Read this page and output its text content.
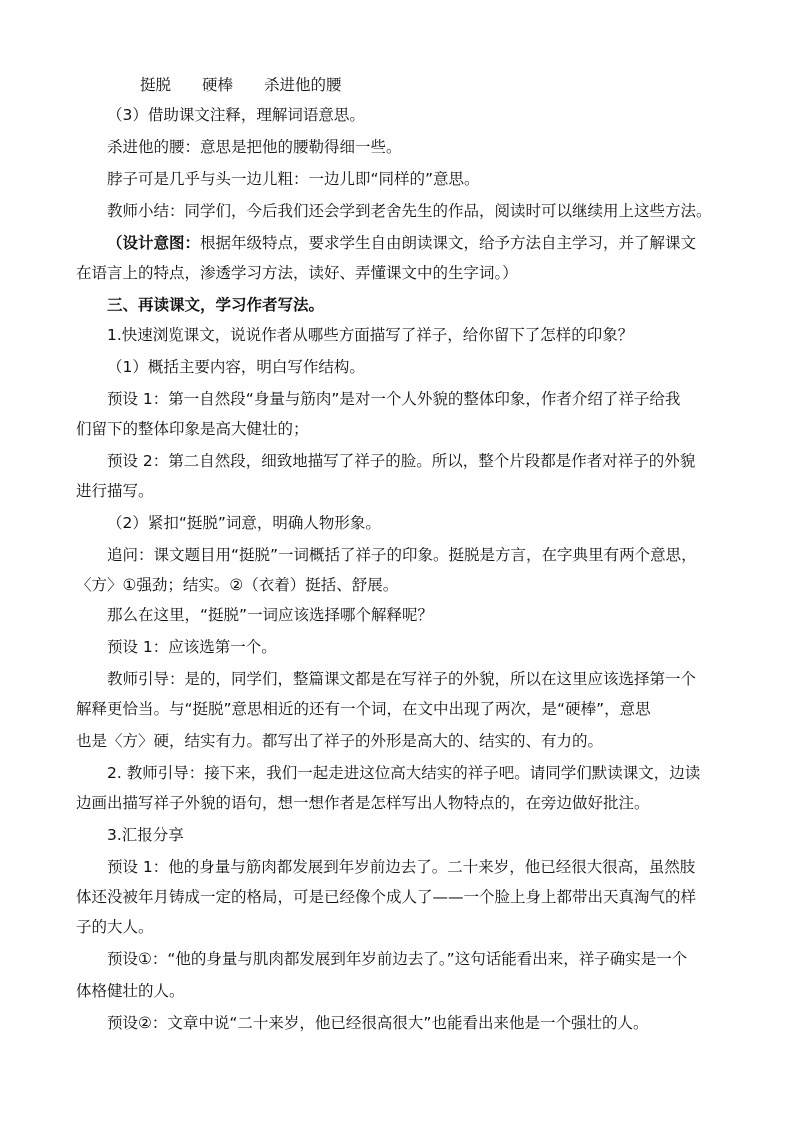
挺脱　　硬棒　　杀进他的腰
（3）借助课文注释，理解词语意思。
杀进他的腰：意思是把他的腰勒得细一些。
脖子可是几乎与头一边儿粗：一边儿即“同样的”意思。
教师小结：同学们，今后我们还会学到老舍先生的作品，阅读时可以继续用上这些方法。
（设计意图：根据年级特点，要求学生自由朗读课文，给予方法自主学习，并了解课文
在语言上的特点，渗透学习方法，读好、弄懂课文中的生字词。）
三、再读课文，学习作者写法。
1.快速浏览课文，说说作者从哪些方面描写了祥子，给你留下了怎样的印象？
（1）概括主要内容，明白写作结构。
预设 1：第一自然段“身量与筋肉”是对一个人外貌的整体印象，作者介绍了祥子给我
们留下的整体印象是高大健壮的；
预设 2：第二自然段，细致地描写了祥子的脸。所以，整个片段都是作者对祥子的外貌
进行描写。
（2）紧扣“挺脱”词意，明确人物形象。
追问：课文题目用“挺脱”一词概括了祥子的印象。挺脱是方言，在字典里有两个意思，
〈方〉①强劲；结实。②（衣着）挺括、舒展。
那么在这里，“挺脱”一词应该选择哪个解释呢？
预设 1：应该选第一个。
教师引导：是的，同学们，整篇课文都是在写祥子的外貌，所以在这里应该选择第一个
解释更恰当。与“挺脱”意思相近的还有一个词，在文中出现了两次，是“硬棒”，意思
也是〈方〉硬，结实有力。都写出了祥子的外形是高大的、结实的、有力的。
2. 教师引导：接下来，我们一起走进这位高大结实的祥子吧。请同学们默读课文，边读
边画出描写祥子外貌的语句，想一想作者是怎样写出人物特点的，在旁边做好批注。
3.汇报分享
预设 1：他的身量与筋肉都发展到年岁前边去了。二十来岁，他已经很大很高，虽然肢
体还没被年月铸成一定的格局，可是已经像个成人了——一个脸上身上都带出天真淘气的样
子的大人。
预设①：“他的身量与肌肉都发展到年岁前边去了。”这句话能看出来，祥子确实是一个
体格健壮的人。
预设②：文章中说“二十来岁，他已经很高很大”也能看出来他是一个强壮的人。
